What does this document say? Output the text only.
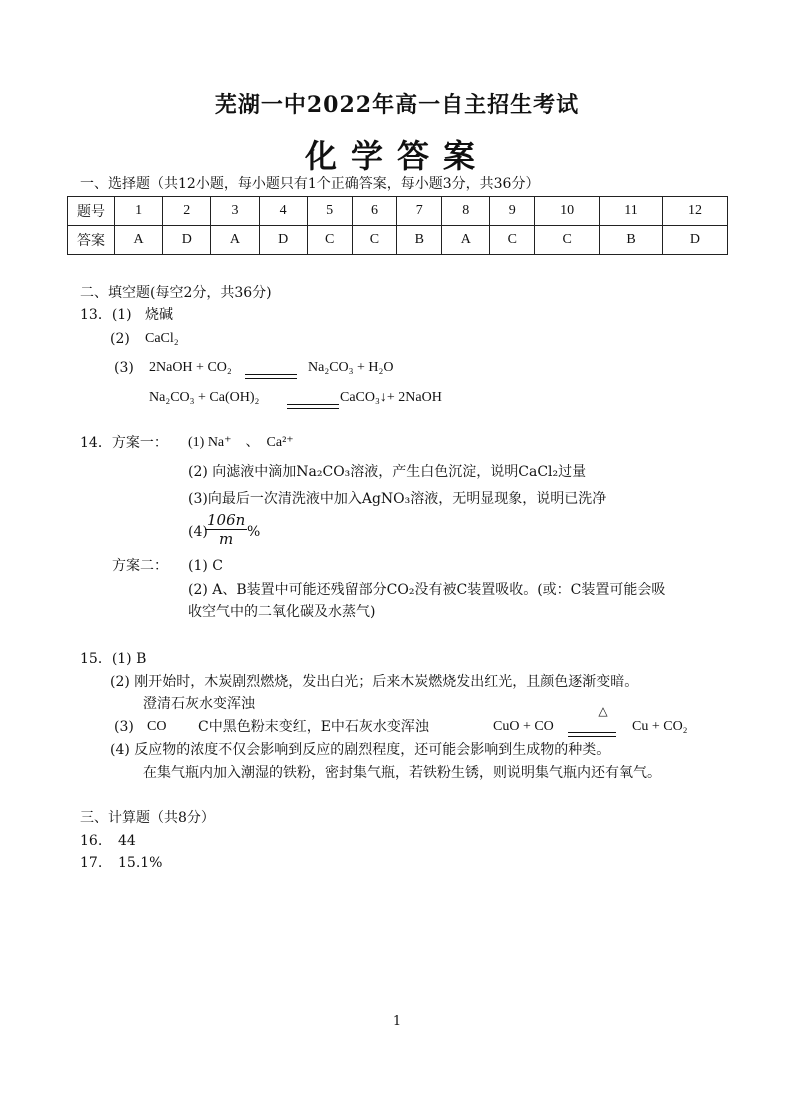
芜湖一中2022年高一自主招生考试
化学答案
一、选择题（共12小题，每小题只有1个正确答案，每小题3分，共36分）
题号	1	2	3	4	5	6	7	8	9	10	11	12
答案	A	D	A	D	C	C	B	A	C	C	B	D
二、填空题(每空2分，共36分)
13．(1) 烧碱
(2) CaCl₂
(3) 2NaOH + CO₂	Na₂CO₃ + H₂O
Na₂CO₃ + Ca(OH)₂	CaCO₃↓+ 2NaOH
14．方案一： (1) Na⁺　、　Ca²⁺
(2) 向滤液中滴加Na₂CO₃溶液，产生白色沉淀，说明CaCl₂过量
(3)向最后一次清洗液中加入AgNO₃溶液，无明显现象，说明已洗净
(4)
$\frac{106n}{m}$ %
方案二： (1) C
(2) A、B装置中可能还残留部分CO₂没有被C装置吸收。(或：C装置可能会吸
收空气中的二氧化碳及水蒸气)
15．(1) B
(2) 刚开始时，木炭剧烈燃烧，发出白光；后来木炭燃烧发出红光，且颜色逐渐变暗。
澄清石灰水变浑浊
(3) CO C中黑色粉末变红，E中石灰水变浑浊	CuO + CO
△
Cu + CO₂
(4) 反应物的浓度不仅会影响到反应的剧烈程度，还可能会影响到生成物的种类。
在集气瓶内加入潮湿的铁粉，密封集气瓶，若铁粉生锈，则说明集气瓶内还有氧气。
三、计算题（共8分）
16. 44
17. 15.1%
1
